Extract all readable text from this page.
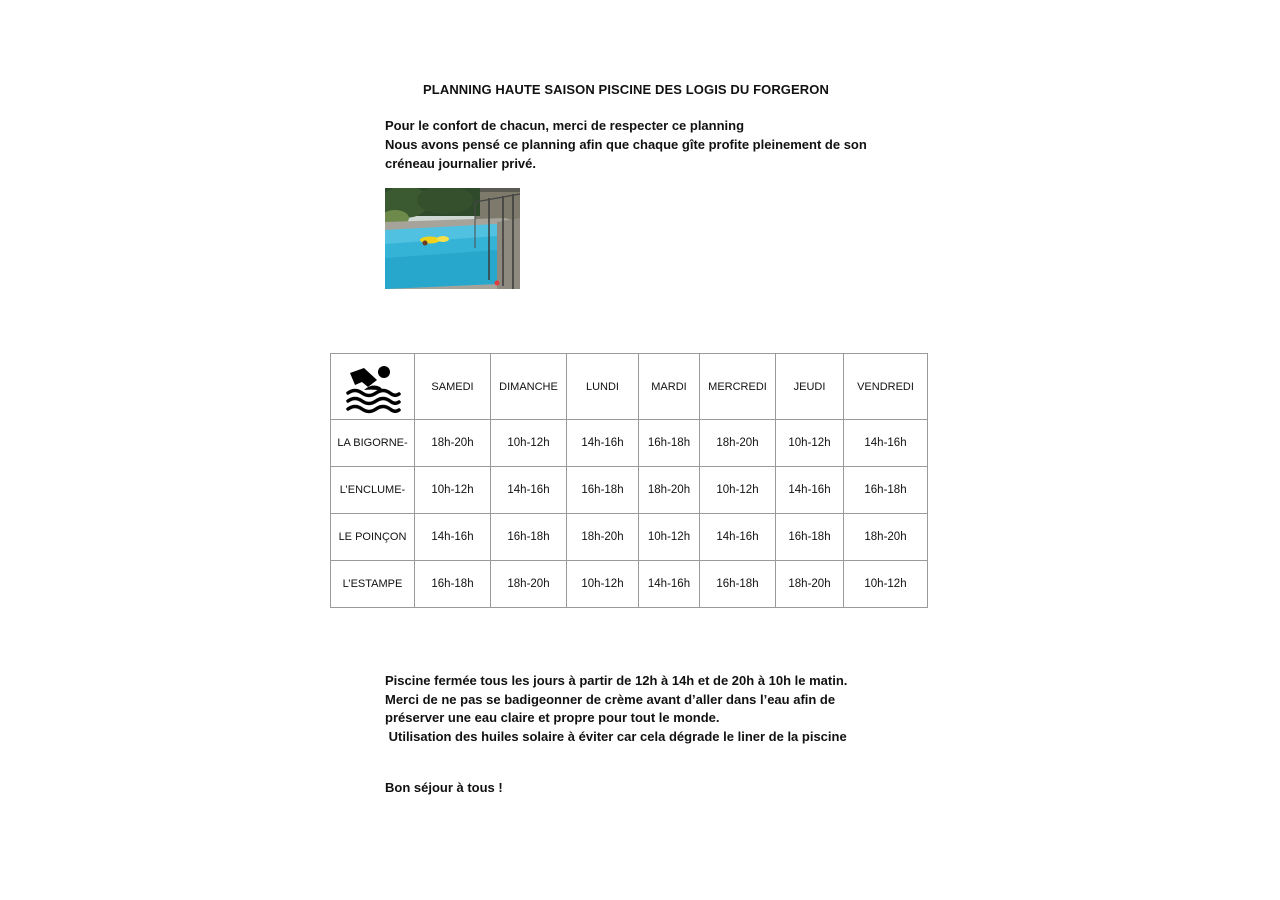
PLANNING HAUTE SAISON PISCINE DES LOGIS DU FORGERON
Pour le confort de chacun, merci de respecter ce planning
Nous avons pensé ce planning afin que chaque gîte profite pleinement de son
créneau journalier privé.
	SAMEDI	DIMANCHE	LUNDI	MARDI	MERCREDI	JEUDI	VENDREDI
LA BIGORNE-	18h-20h	10h-12h	14h-16h	16h-18h	18h-20h	10h-12h	14h-16h
L’ENCLUME-	10h-12h	14h-16h	16h-18h	18h-20h	10h-12h	14h-16h	16h-18h
LE POINÇON	14h-16h	16h-18h	18h-20h	10h-12h	14h-16h	16h-18h	18h-20h
L’ESTAMPE	16h-18h	18h-20h	10h-12h	14h-16h	16h-18h	18h-20h	10h-12h
Piscine fermée tous les jours à partir de 12h à 14h et de 20h à 10h le matin.
Merci de ne pas se badigeonner de crème avant d’aller dans l’eau afin de
préserver une eau claire et propre pour tout le monde.
Utilisation des huiles solaire à éviter car cela dégrade le liner de la piscine
Bon séjour à tous !
